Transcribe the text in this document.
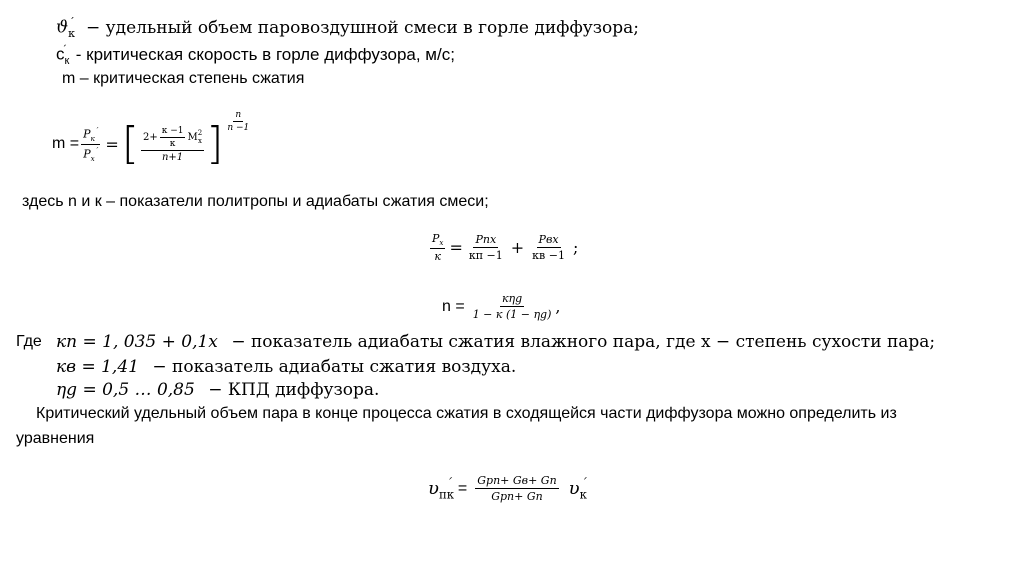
$ϑ_к^´$ − удельный объем паровоздушной смеси в горле диффузора;
$с_к^´$ - критическая скорость в горле диффузора, м/с;
m – критическая степень сжатия
$m = \frac{P_к^´}{P_х^´}$ = [ $2+ \frac{к -1}{к}$ M 2
x
n+1 ] $\frac{n}{n -1}$
здесь n и к – показатели политропы и адиабаты сжатия смеси;
$\frac{P_x}{к} = \frac{\text{Pпх}}{кп -1} + \frac{\text{Pвх}}{кв -1}$ ;
$n = \frac{\text{кηg}}{1 - к (1 - \eta g)}$ ,
Где кп = 1, 035 + 0,1x − показатель адиабаты сжатия влажного пара, где x − степень сухости пара;
кв = 1,41 − показатель адиабаты сжатия воздуха.
ηg = 0,5 … 0,85 − КПД диффузора.
Критический удельный объем пара в конце процесса сжатия в сходящейся части диффузора можно определить из
уравнения
$\upsilon_{пк}^´ = \frac{\text{Gрп+ Gв+ Gп}}{\text{Gрп+ Gп}} \upsilon_к^´$
